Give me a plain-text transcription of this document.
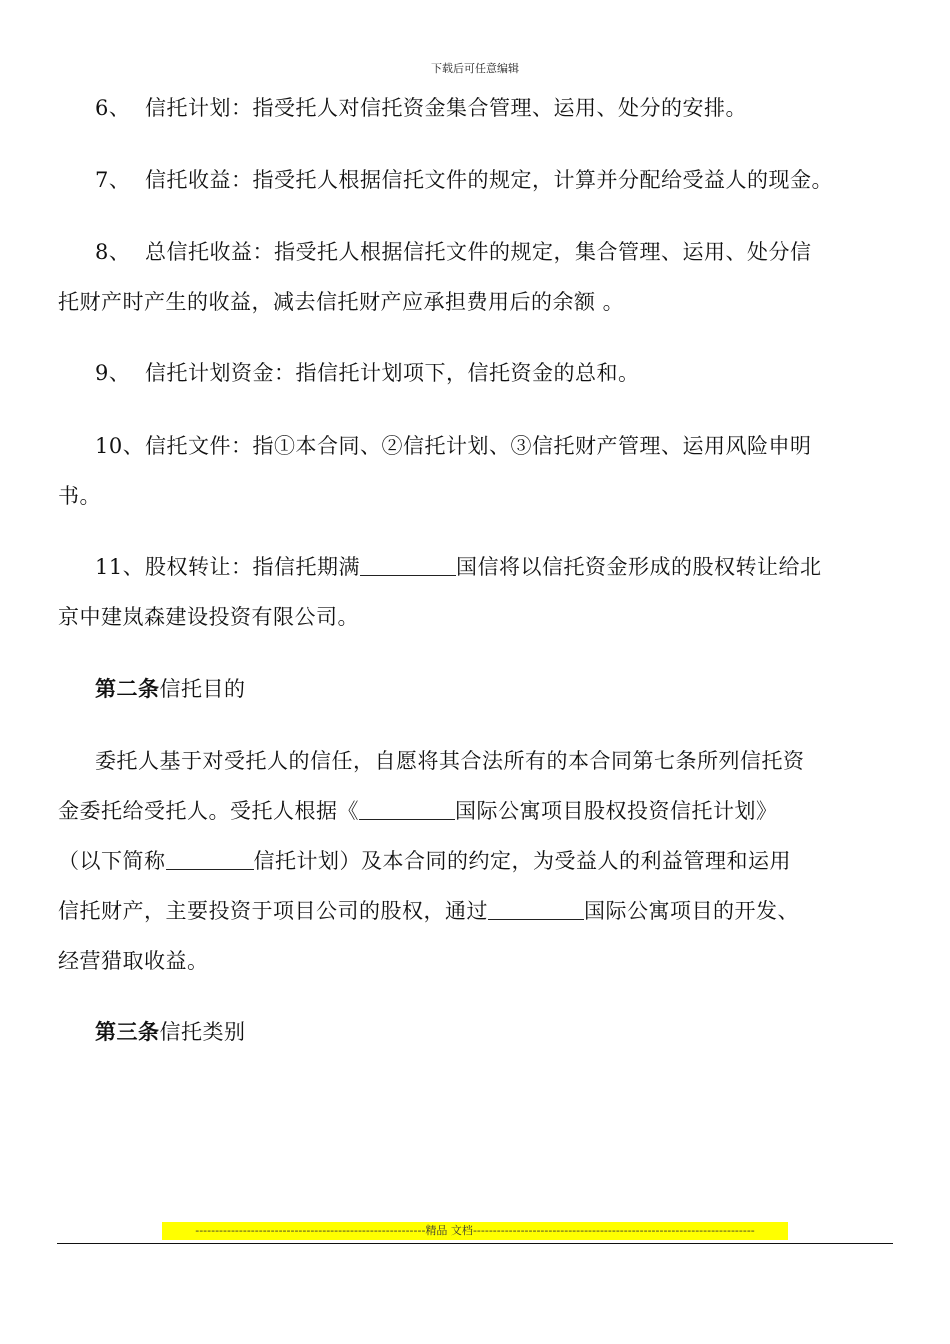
下载后可任意编辑
6、 信托计划：指受托人对信托资金集合管理、运用、处分的安排。
7、 信托收益：指受托人根据信托文件的规定，计算并分配给受益人的现金。
8、 总信托收益：指受托人根据信托文件的规定，集合管理、运用、处分信
托财产时产生的收益，减去信托财产应承担费用后的余额 。
9、 信托计划资金：指信托计划项下，信托资金的总和。
10、信托文件：指①本合同、②信托计划、③信托财产管理、运用风险申明
书。
11、股权转让：指信托期满	国信将以信托资金形成的股权转让给北
京中建岚森建设投资有限公司。
第二条信托目的
委托人基于对受托人的信任，自愿将其合法所有的本合同第七条所列信托资
金委托给受托人。受托人根据《	国际公寓项目股权投资信托计划》
（以下简称	信托计划）及本合同的约定，为受益人的利益管理和运用
信托财产，主要投资于项目公司的股权，通过	国际公寓项目的开发、
经营猎取收益。
第三条信托类别
----------------------------------------------------------精品 文档-----------------------------------------------------------------------
